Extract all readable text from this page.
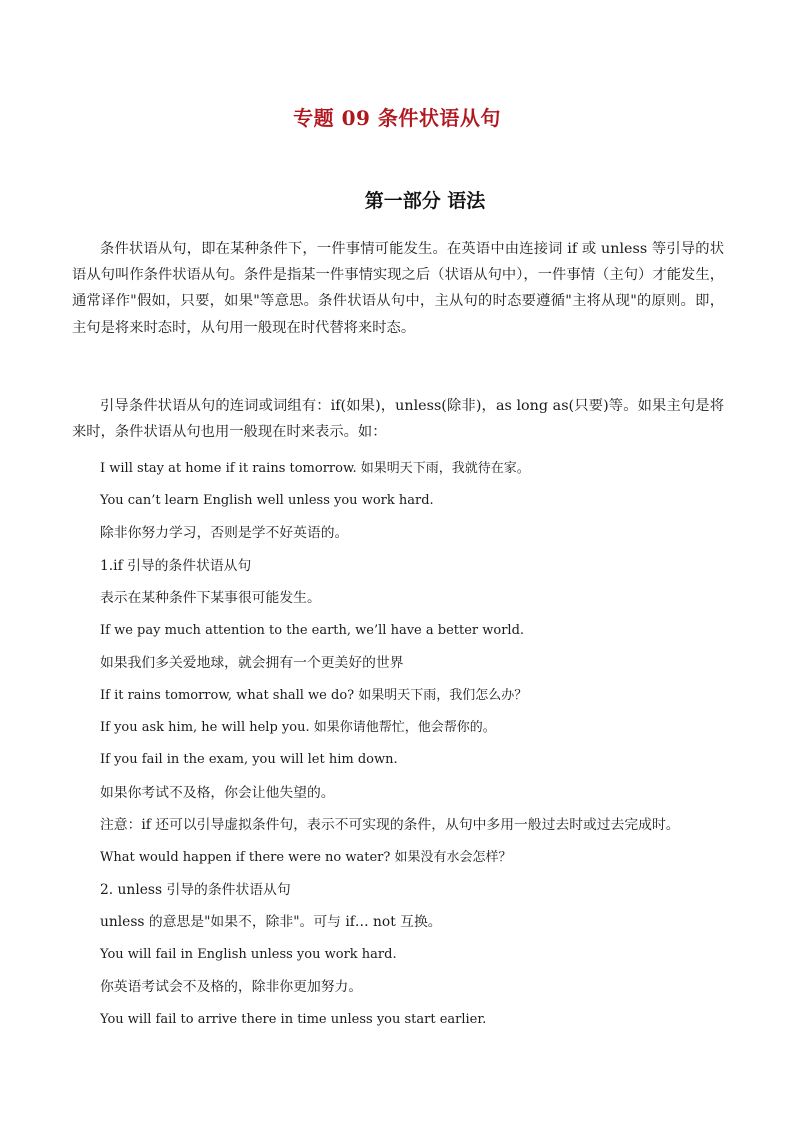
专题 09 条件状语从句
第一部分 语法

条件状语从句，即在某种条件下，一件事情可能发生。在英语中由连接词 if 或 unless 等引导的状语从句叫作条件状语从句。条件是指某一件事情实现之后（状语从句中），一件事情（主句）才能发生，通常译作"假如，只要，如果"等意思。条件状语从句中，主从句的时态要遵循"主将从现"的原则。即，主句是将来时态时，从句用一般现在时代替将来时态。

引导条件状语从句的连词或词组有：if(如果)，unless(除非)，as long as(只要)等。如果主句是将来时，条件状语从句也用一般现在时来表示。如：

I will stay at home if it rains tomorrow. 如果明天下雨，我就待在家。

You can’t learn English well unless you work hard.

除非你努力学习，否则是学不好英语的。

1.if 引导的条件状语从句

表示在某种条件下某事很可能发生。

If we pay much attention to the earth, we’ll have a better world.

如果我们多关爱地球，就会拥有一个更美好的世界

If it rains tomorrow, what shall we do? 如果明天下雨，我们怎么办？

If you ask him, he will help you. 如果你请他帮忙，他会帮你的。

If you fail in the exam, you will let him down.

如果你考试不及格，你会让他失望的。

注意：if 还可以引导虚拟条件句，表示不可实现的条件，从句中多用一般过去时或过去完成时。

What would happen if there were no water? 如果没有水会怎样？

2. unless 引导的条件状语从句

unless 的意思是"如果不，除非"。可与 if… not 互换。

You will fail in English unless you work hard.

你英语考试会不及格的，除非你更加努力。

You will fail to arrive there in time unless you start earlier.
